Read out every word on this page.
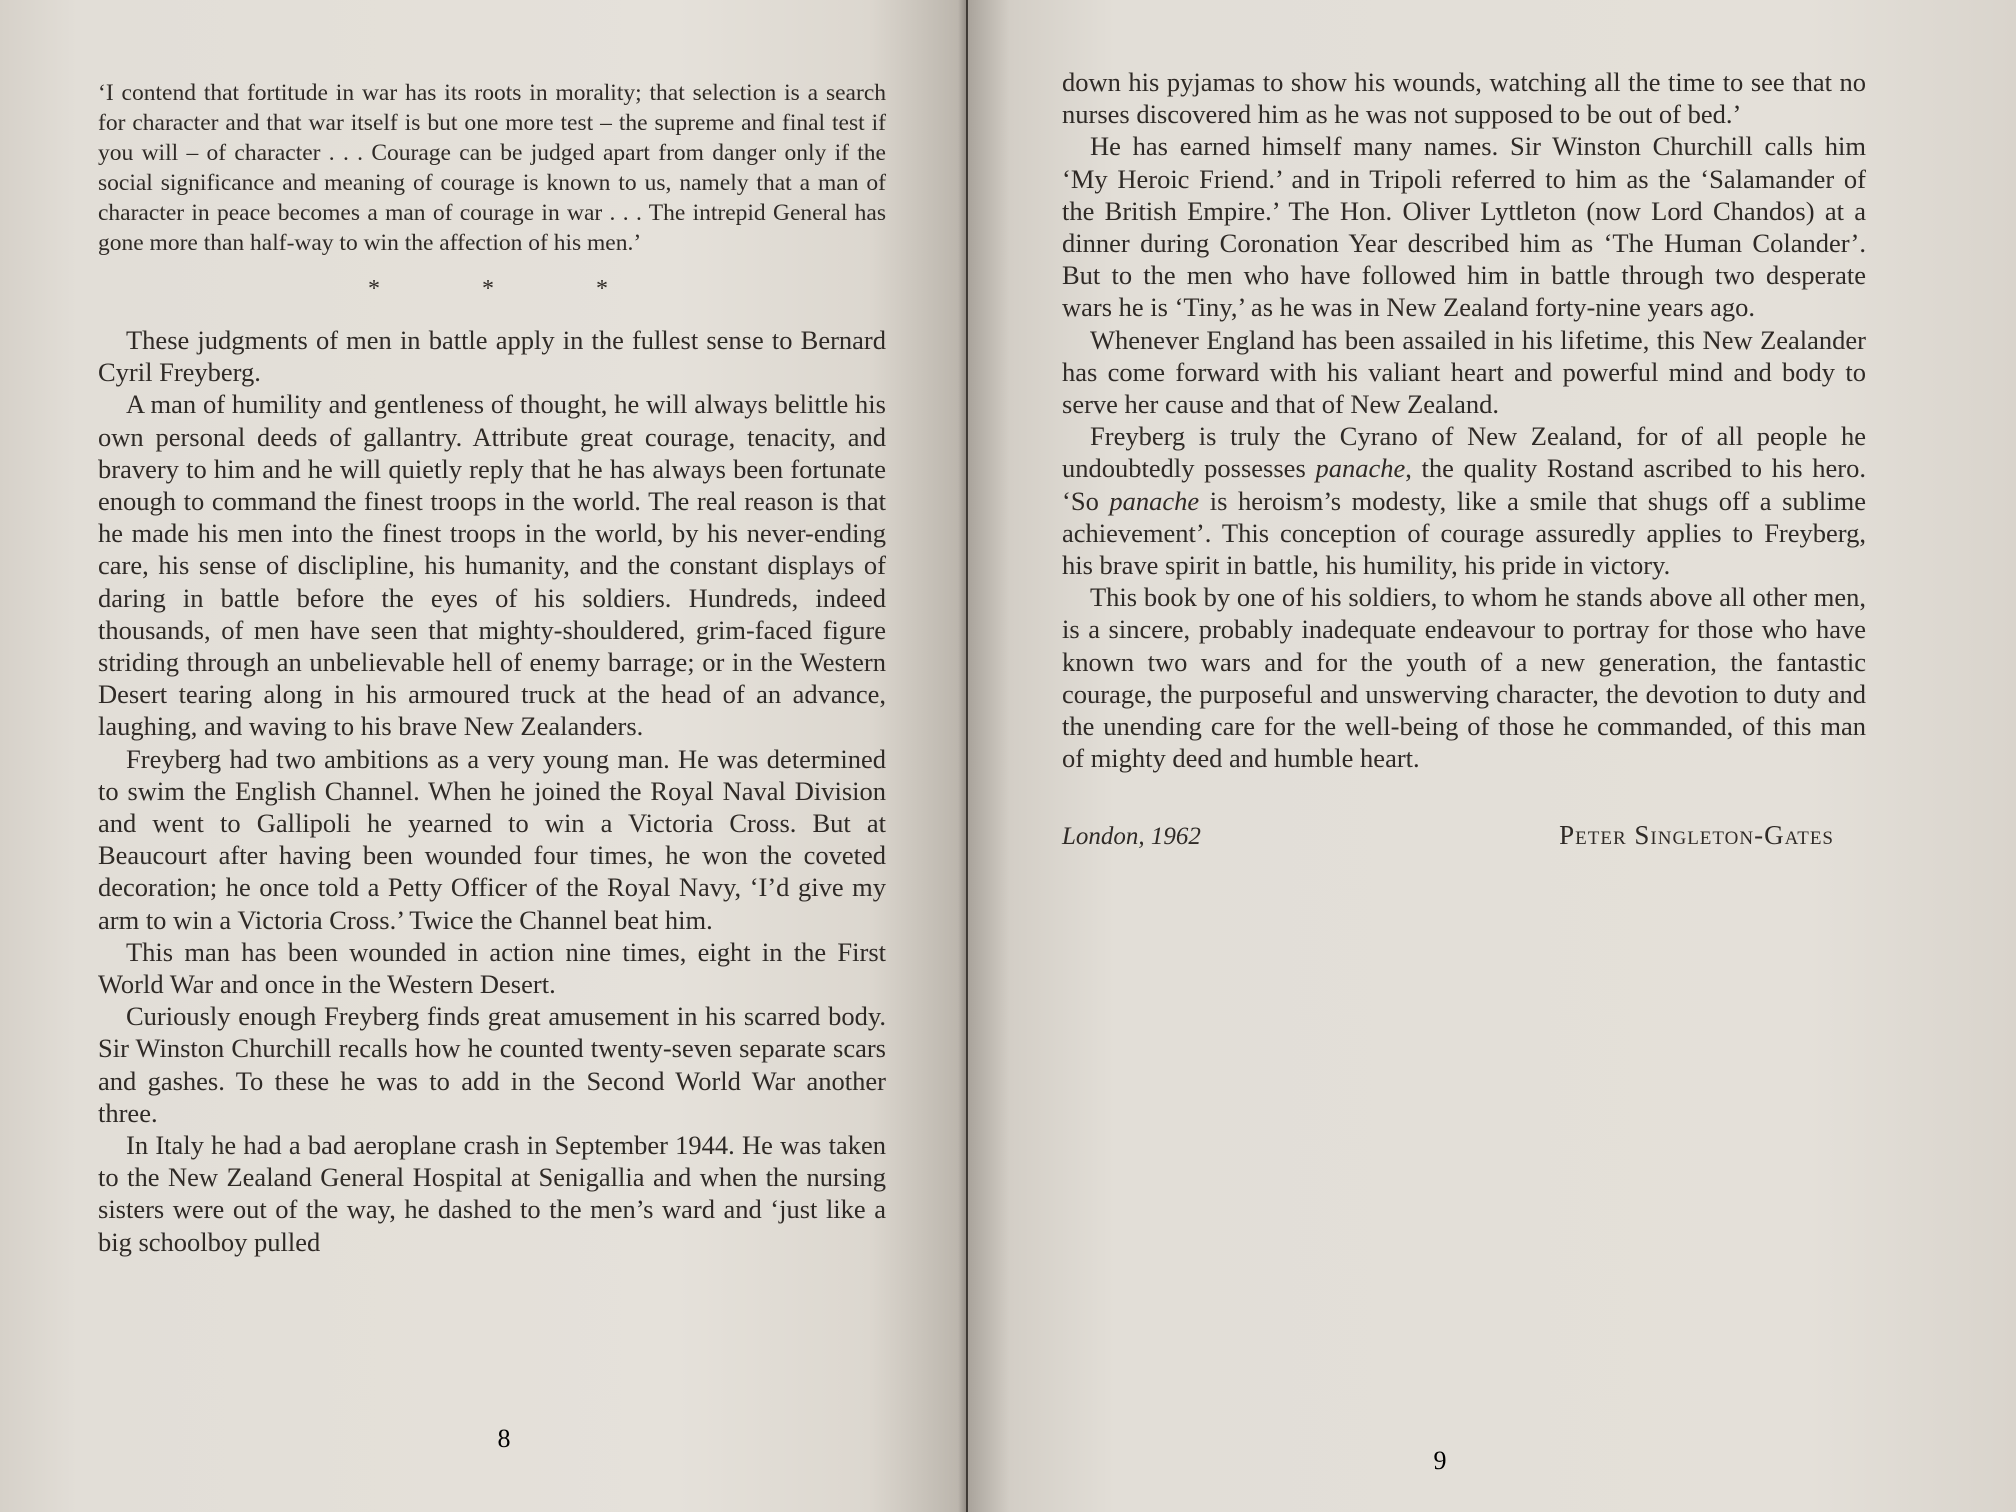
‘I contend that fortitude in war has its roots in morality; that selection is a search for character and that war itself is but one more test – the supreme and final test if you will – of character . . . Courage can be judged apart from danger only if the social significance and meaning of courage is known to us, namely that a man of character in peace becomes a man of courage in war . . . The intrepid General has gone more than half-way to win the affection of his men.’

* * *

These judgments of men in battle apply in the fullest sense to Bernard Cyril Freyberg.

A man of humility and gentleness of thought, he will always belittle his own personal deeds of gallantry. Attribute great courage, tenacity, and bravery to him and he will quietly reply that he has always been fortunate enough to command the finest troops in the world. The real reason is that he made his men into the finest troops in the world, by his never-ending care, his sense of disclipline, his humanity, and the constant displays of daring in battle before the eyes of his soldiers. Hundreds, indeed thousands, of men have seen that mighty-shouldered, grim-faced figure striding through an unbelievable hell of enemy barrage; or in the Western Desert tearing along in his armoured truck at the head of an advance, laughing, and waving to his brave New Zealanders.

Freyberg had two ambitions as a very young man. He was determined to swim the English Channel. When he joined the Royal Naval Division and went to Gallipoli he yearned to win a Victoria Cross. But at Beaucourt after having been wounded four times, he won the coveted decoration; he once told a Petty Officer of the Royal Navy, ‘I’d give my arm to win a Victoria Cross.’ Twice the Channel beat him.

This man has been wounded in action nine times, eight in the First World War and once in the Western Desert.

Curiously enough Freyberg finds great amusement in his scarred body. Sir Winston Churchill recalls how he counted twenty-seven separate scars and gashes. To these he was to add in the Second World War another three.

In Italy he had a bad aeroplane crash in September 1944. He was taken to the New Zealand General Hospital at Senigallia and when the nursing sisters were out of the way, he dashed to the men’s ward and ‘just like a big schoolboy pulled

8

down his pyjamas to show his wounds, watching all the time to see that no nurses discovered him as he was not supposed to be out of bed.’

He has earned himself many names. Sir Winston Churchill calls him ‘My Heroic Friend.’ and in Tripoli referred to him as the ‘Salamander of the British Empire.’ The Hon. Oliver Lyttleton (now Lord Chandos) at a dinner during Coronation Year described him as ‘The Human Colander’. But to the men who have followed him in battle through two desperate wars he is ‘Tiny,’ as he was in New Zealand forty-nine years ago.

Whenever England has been assailed in his lifetime, this New Zealander has come forward with his valiant heart and powerful mind and body to serve her cause and that of New Zealand.

Freyberg is truly the Cyrano of New Zealand, for of all people he undoubtedly possesses panache, the quality Rostand ascribed to his hero. ‘So panache is heroism’s modesty, like a smile that shugs off a sublime achievement’. This conception of courage assuredly applies to Freyberg, his brave spirit in battle, his humility, his pride in victory.

This book by one of his soldiers, to whom he stands above all other men, is a sincere, probably inadequate endeavour to portray for those who have known two wars and for the youth of a new generation, the fantastic courage, the purposeful and unswerving character, the devotion to duty and the unending care for the well-being of those he commanded, of this man of mighty deed and humble heart.

London, 1962	Peter Singleton-Gates
9
